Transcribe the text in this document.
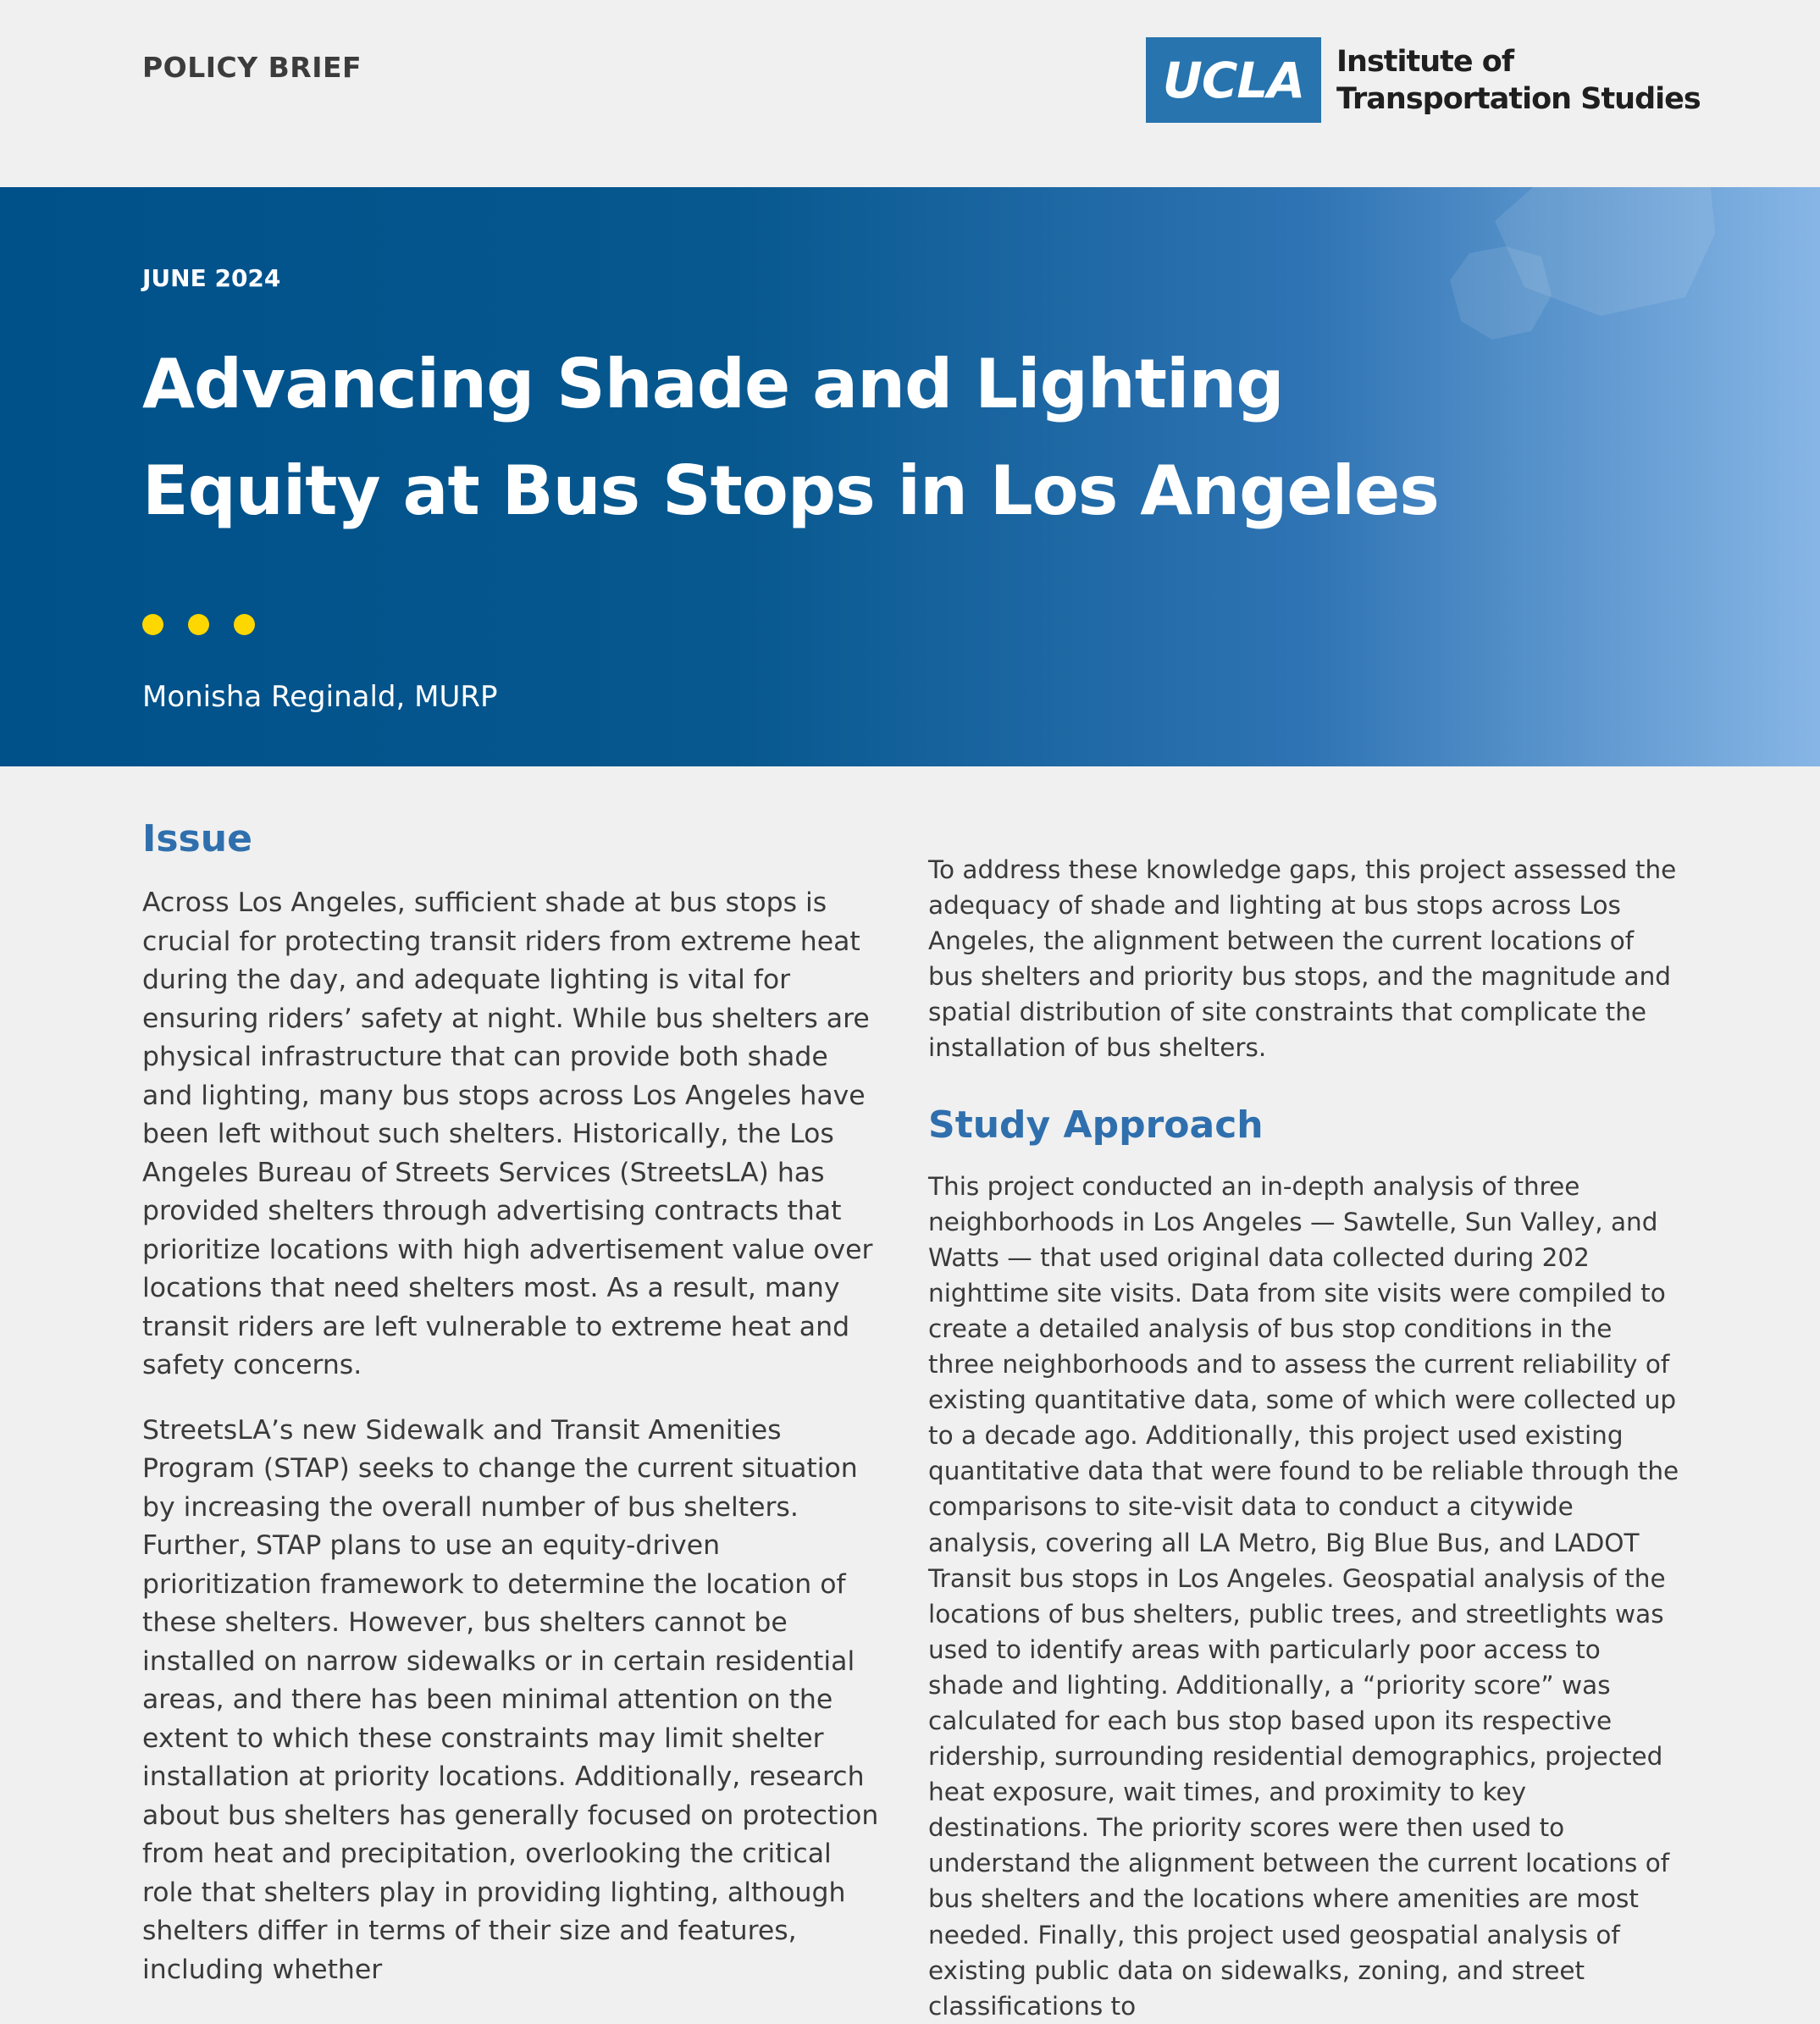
POLICY BRIEF	UCLA	Institute of
Transportation Studies
JUNE 2024
Advancing Shade and Lighting
Equity at Bus Stops in Los Angeles
Monisha Reginald, MURP
Issue

Across Los Angeles, sufficient shade at bus stops is crucial for protecting transit riders from extreme heat during the day, and adequate lighting is vital for ensuring riders’ safety at night. While bus shelters are physical infrastructure that can provide both shade and lighting, many bus stops across Los Angeles have been left without such shelters. Historically, the Los Angeles Bureau of Streets Services (StreetsLA) has provided shelters through advertising contracts that prioritize locations with high advertisement value over locations that need shelters most. As a result, many transit riders are left vulnerable to extreme heat and safety concerns.

StreetsLA’s new Sidewalk and Transit Amenities Program (STAP) seeks to change the current situation by increasing the overall number of bus shelters. Further, STAP plans to use an equity-driven prioritization framework to determine the location of these shelters. However, bus shelters cannot be installed on narrow sidewalks or in certain residential areas, and there has been minimal attention on the extent to which these constraints may limit shelter installation at priority locations. Additionally, research about bus shelters has generally focused on protection from heat and precipitation, overlooking the critical role that shelters play in providing lighting, although shelters differ in terms of their size and features, including whether

To address these knowledge gaps, this project assessed the adequacy of shade and lighting at bus stops across Los Angeles, the alignment between the current locations of bus shelters and priority bus stops, and the magnitude and spatial distribution of site constraints that complicate the installation of bus shelters.

Study Approach

This project conducted an in-depth analysis of three neighborhoods in Los Angeles — Sawtelle, Sun Valley, and Watts — that used original data collected during 202 nighttime site visits. Data from site visits were compiled to create a detailed analysis of bus stop conditions in the three neighborhoods and to assess the current reliability of existing quantitative data, some of which were collected up to a decade ago. Additionally, this project used existing quantitative data that were found to be reliable through the comparisons to site-visit data to conduct a citywide analysis, covering all LA Metro, Big Blue Bus, and LADOT Transit bus stops in Los Angeles. Geospatial analysis of the locations of bus shelters, public trees, and streetlights was used to identify areas with particularly poor access to shade and lighting. Additionally, a “priority score” was calculated for each bus stop based upon its respective ridership, surrounding residential demographics, projected heat exposure, wait times, and proximity to key destinations. The priority scores were then used to understand the alignment between the current locations of bus shelters and the locations where amenities are most needed. Finally, this project used geospatial analysis of existing public data on sidewalks, zoning, and street classifications to
